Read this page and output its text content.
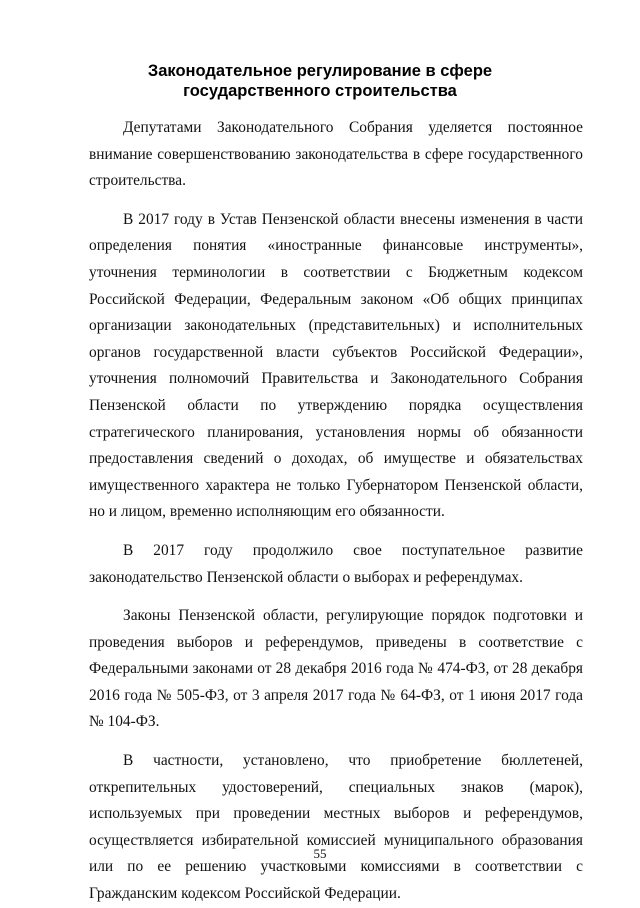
Законодательное регулирование в сфере
государственного строительства

Депутатами Законодательного Собрания уделяется постоянное внимание совершенствованию законодательства в сфере государственного строительства.

В 2017 году в Устав Пензенской области внесены изменения в части определения понятия «иностранные финансовые инструменты», уточнения терминологии в соответствии с Бюджетным кодексом Российской Федерации, Федеральным законом «Об общих принципах организации законодательных (представительных) и исполнительных органов государственной власти субъектов Российской Федерации», уточнения полномочий Правительства и Законодательного Собрания Пензенской области по утверждению порядка осуществления стратегического планирования, установления нормы об обязанности предоставления сведений о доходах, об имуществе и обязательствах имущественного характера не только Губернатором Пензенской области, но и лицом, временно исполняющим его обязанности.

В 2017 году продолжило свое поступательное развитие законодательство Пензенской области о выборах и референдумах.

Законы Пензенской области, регулирующие порядок подготовки и проведения выборов и референдумов, приведены в соответствие с Федеральными законами от 28 декабря 2016 года № 474-ФЗ, от 28 декабря 2016 года № 505-ФЗ, от 3 апреля 2017 года № 64-ФЗ, от 1 июня 2017 года № 104-ФЗ.

В частности, установлено, что приобретение бюллетеней, открепительных удостоверений, специальных знаков (марок), используемых при проведении местных выборов и референдумов, осуществляется избирательной комиссией муниципального образования или по ее решению участковыми комиссиями в соответствии с Гражданским кодексом Российской Федерации.

55
